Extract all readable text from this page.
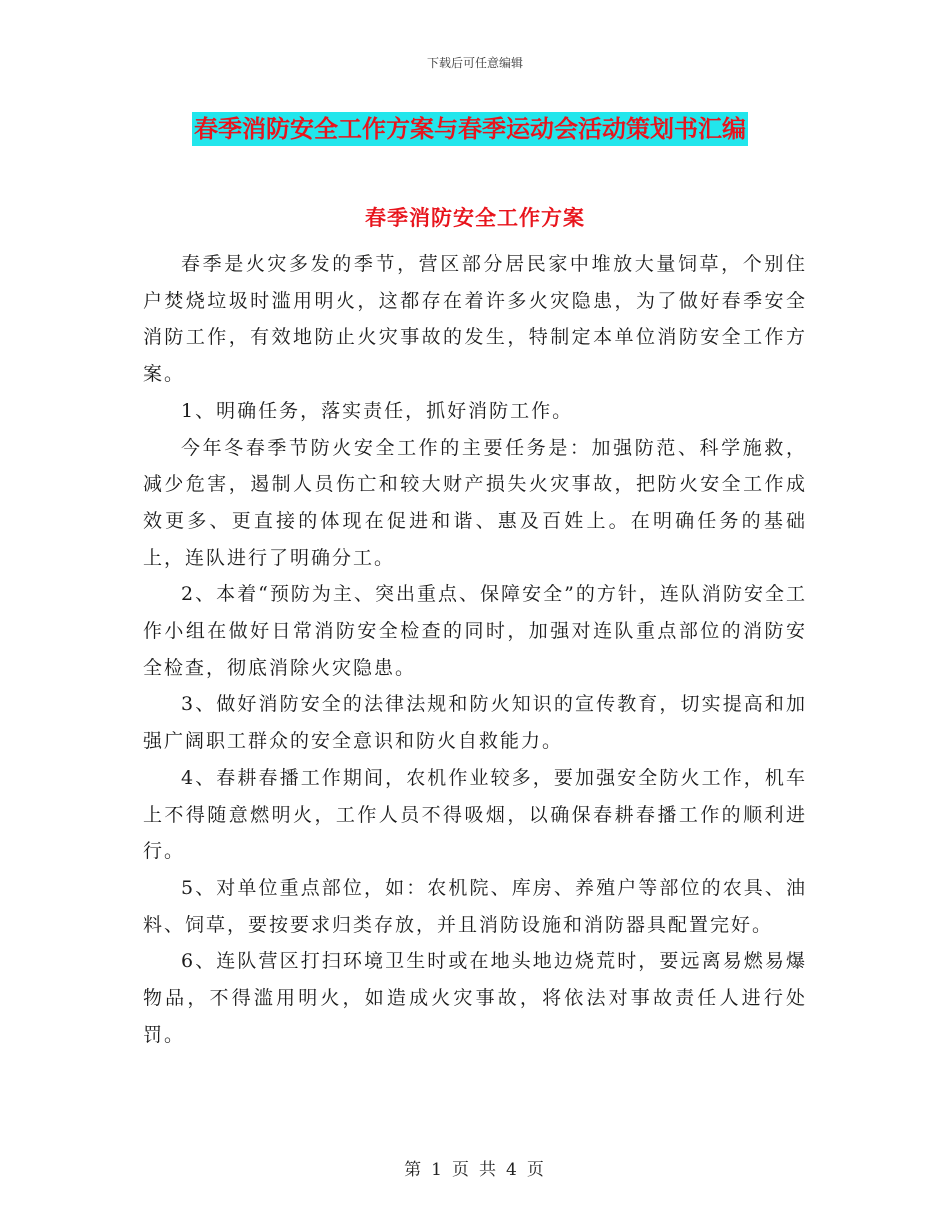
下载后可任意编辑
春季消防安全工作方案与春季运动会活动策划书汇编
春季消防安全工作方案

春季是火灾多发的季节，营区部分居民家中堆放大量饲草，个别住户焚烧垃圾时滥用明火，这都存在着许多火灾隐患，为了做好春季安全消防工作，有效地防止火灾事故的发生，特制定本单位消防安全工作方案。

1、明确任务，落实责任，抓好消防工作。

今年冬春季节防火安全工作的主要任务是：加强防范、科学施救，减少危害，遏制人员伤亡和较大财产损失火灾事故，把防火安全工作成效更多、更直接的体现在促进和谐、惠及百姓上。在明确任务的基础上，连队进行了明确分工。

2、本着“预防为主、突出重点、保障安全”的方针，连队消防安全工作小组在做好日常消防安全检查的同时，加强对连队重点部位的消防安全检查，彻底消除火灾隐患。

3、做好消防安全的法律法规和防火知识的宣传教育，切实提高和加强广阔职工群众的安全意识和防火自救能力。

4、春耕春播工作期间，农机作业较多，要加强安全防火工作，机车上不得随意燃明火，工作人员不得吸烟，以确保春耕春播工作的顺利进行。

5、对单位重点部位，如：农机院、库房、养殖户等部位的农具、油料、饲草，要按要求归类存放，并且消防设施和消防器具配置完好。

6、连队营区打扫环境卫生时或在地头地边烧荒时，要远离易燃易爆物品，不得滥用明火，如造成火灾事故，将依法对事故责任人进行处罚。

第 1 页 共 4 页
